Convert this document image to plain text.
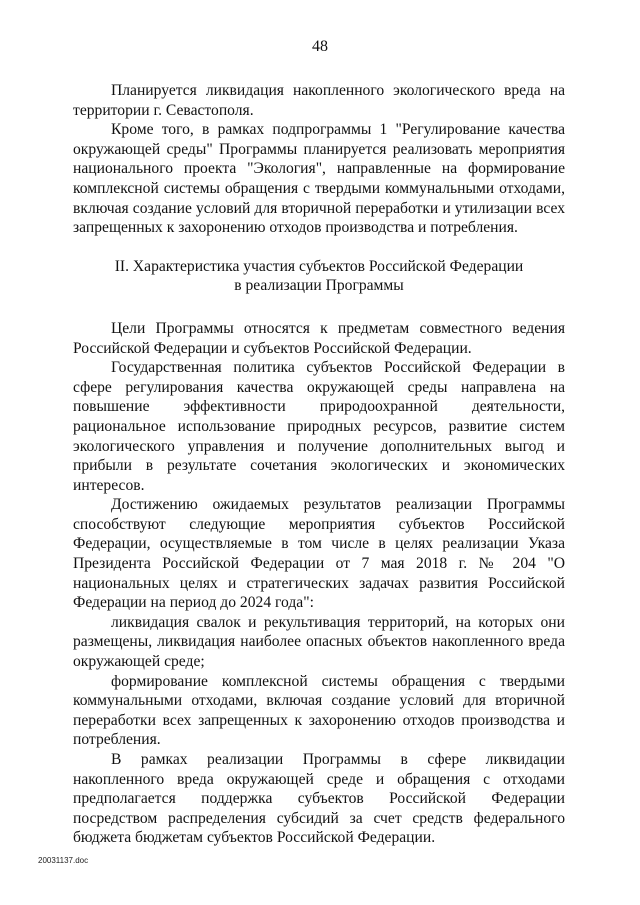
48

Планируется ликвидация накопленного экологического вреда на территории г. Севастополя.

Кроме того, в рамках подпрограммы 1 "Регулирование качества окружающей среды" Программы планируется реализовать мероприятия национального проекта "Экология", направленные на формирование комплексной системы обращения с твердыми коммунальными отходами, включая создание условий для вторичной переработки и утилизации всех запрещенных к захоронению отходов производства и потребления.

II. Характеристика участия субъектов Российской Федерации
в реализации Программы

Цели Программы относятся к предметам совместного ведения Российской Федерации и субъектов Российской Федерации.

Государственная политика субъектов Российской Федерации в сфере регулирования качества окружающей среды направлена на повышение эффективности природоохранной деятельности, рациональное использование природных ресурсов, развитие систем экологического управления и получение дополнительных выгод и прибыли в результате сочетания экологических и экономических интересов.

Достижению ожидаемых результатов реализации Программы способствуют следующие мероприятия субъектов Российской Федерации, осуществляемые в том числе в целях реализации Указа Президента Российской Федерации от 7 мая 2018 г. № 204 "О национальных целях и стратегических задачах развития Российской Федерации на период до 2024 года":

ликвидация свалок и рекультивация территорий, на которых они размещены, ликвидация наиболее опасных объектов накопленного вреда окружающей среде;

формирование комплексной системы обращения с твердыми коммунальными отходами, включая создание условий для вторичной переработки всех запрещенных к захоронению отходов производства и потребления.

В рамках реализации Программы в сфере ликвидации накопленного вреда окружающей среде и обращения с отходами предполагается поддержка субъектов Российской Федерации посредством распределения субсидий за счет средств федерального бюджета бюджетам субъектов Российской Федерации.

20031137.doc
